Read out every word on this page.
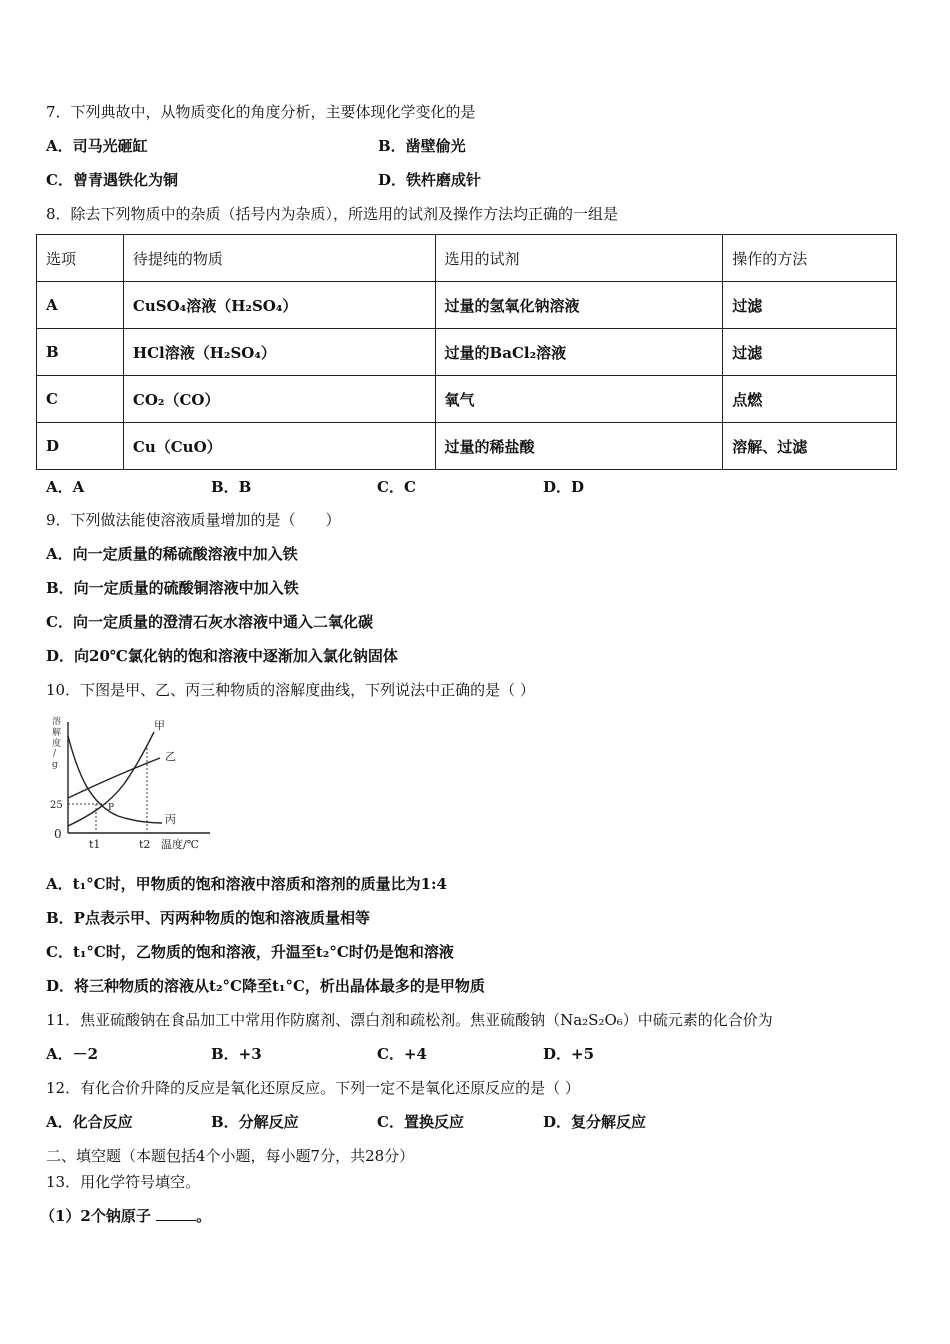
7．下列典故中，从物质变化的角度分析，主要体现化学变化的是
A．司马光砸缸	B．凿壁偷光
C．曾青遇铁化为铜	D．铁杵磨成针
8．除去下列物质中的杂质（括号内为杂质），所选用的试剂及操作方法均正确的一组是
选项	待提纯的物质	选用的试剂	操作的方法
A	CuSO₄溶液（H₂SO₄）	过量的氢氧化钠溶液	过滤
B	HCl溶液（H₂SO₄）	过量的BaCl₂溶液	过滤
C	CO₂（CO）	氧气	点燃
D	Cu（CuO）	过量的稀盐酸	溶解、过滤
A．A	B．B	C．C	D．D
9．下列做法能使溶液质量增加的是（　　）
A．向一定质量的稀硫酸溶液中加入铁
B．向一定质量的硫酸铜溶液中加入铁
C．向一定质量的澄清石灰水溶液中通入二氧化碳
D．向20℃氯化钠的饱和溶液中逐渐加入氯化钠固体
10．下图是甲、乙、丙三种物质的溶解度曲线，下列说法中正确的是（ ）
溶
解
度
/
g
25
0
P
t1	t2 温度/℃
甲
乙
丙
A．t₁°C时，甲物质的饱和溶液中溶质和溶剂的质量比为1:4
B．P点表示甲、丙两种物质的饱和溶液质量相等
C．t₁°C时，乙物质的饱和溶液，升温至t₂°C时仍是饱和溶液
D．将三种物质的溶液从t₂°C降至t₁°C，析出晶体最多的是甲物质
11．焦亚硫酸钠在食品加工中常用作防腐剂、漂白剂和疏松剂。焦亚硫酸钠（Na₂S₂O₆）中硫元素的化合价为
A．－2	B．+3	C．+4	D．+5
12．有化合价升降的反应是氧化还原反应。下列一定不是氧化还原反应的是（ ）
A．化合反应	B．分解反应	C．置换反应	D．复分解反应
二、填空题（本题包括4个小题，每小题7分，共28分）
13．用化学符号填空。
（1）2个钠原子	。
